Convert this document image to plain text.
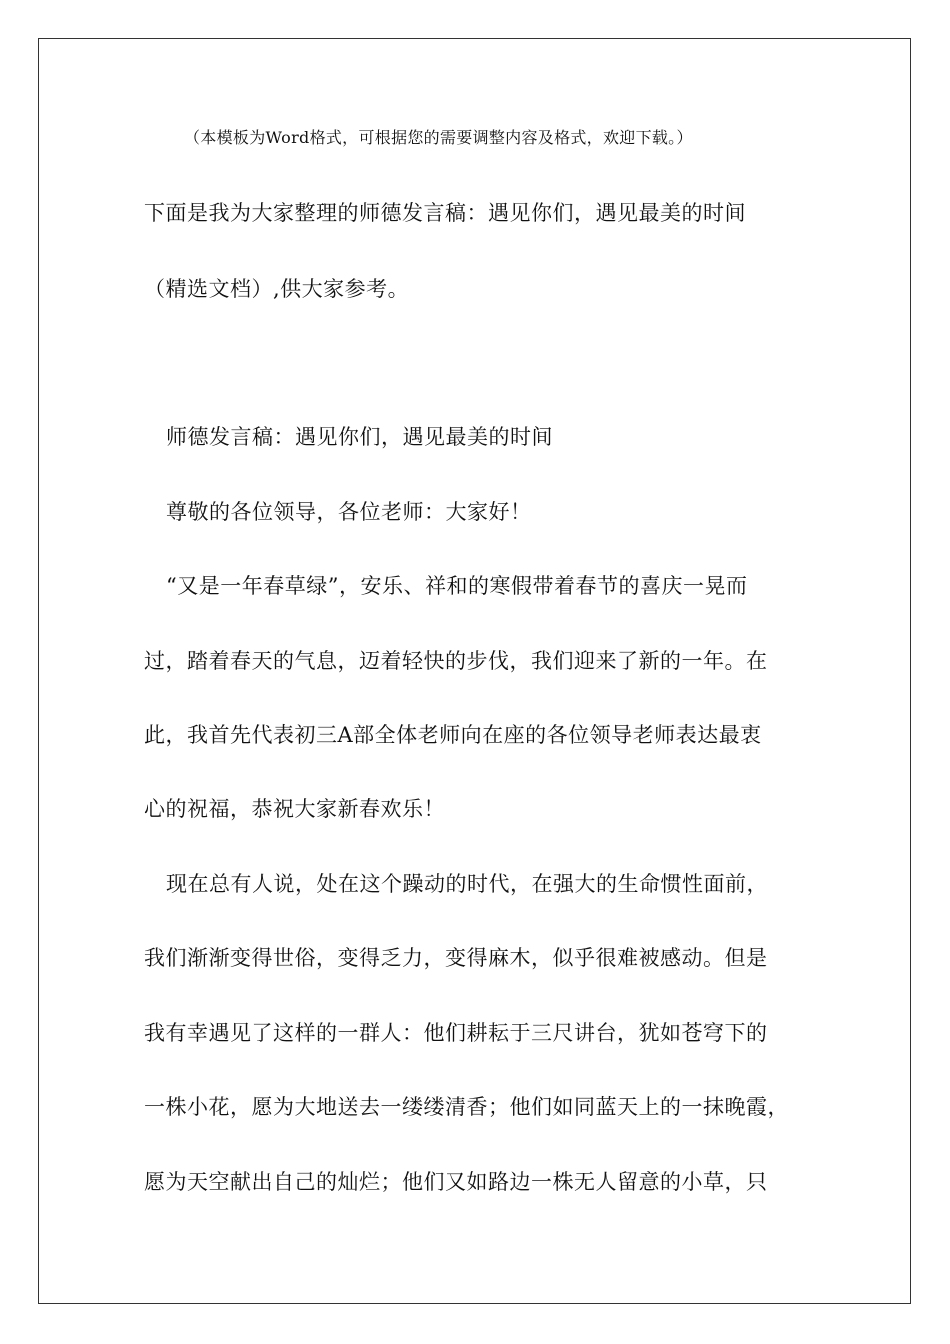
（本模板为Word格式，可根据您的需要调整内容及格式，欢迎下载。）
下面是我为大家整理的师德发言稿：遇见你们，遇见最美的时间
（精选文档）,供大家参考。
师德发言稿：遇见你们，遇见最美的时间
尊敬的各位领导，各位老师：大家好！
“又是一年春草绿”，安乐、祥和的寒假带着春节的喜庆一晃而
过，踏着春天的气息，迈着轻快的步伐，我们迎来了新的一年。在
此，我首先代表初三A部全体老师向在座的各位领导老师表达最衷
心的祝福，恭祝大家新春欢乐！
现在总有人说，处在这个躁动的时代，在强大的生命惯性面前，
我们渐渐变得世俗，变得乏力，变得麻木，似乎很难被感动。但是
我有幸遇见了这样的一群人：他们耕耘于三尺讲台，犹如苍穹下的
一株小花，愿为大地送去一缕缕清香；他们如同蓝天上的一抹晚霞，
愿为天空献出自己的灿烂；他们又如路边一株无人留意的小草，只
